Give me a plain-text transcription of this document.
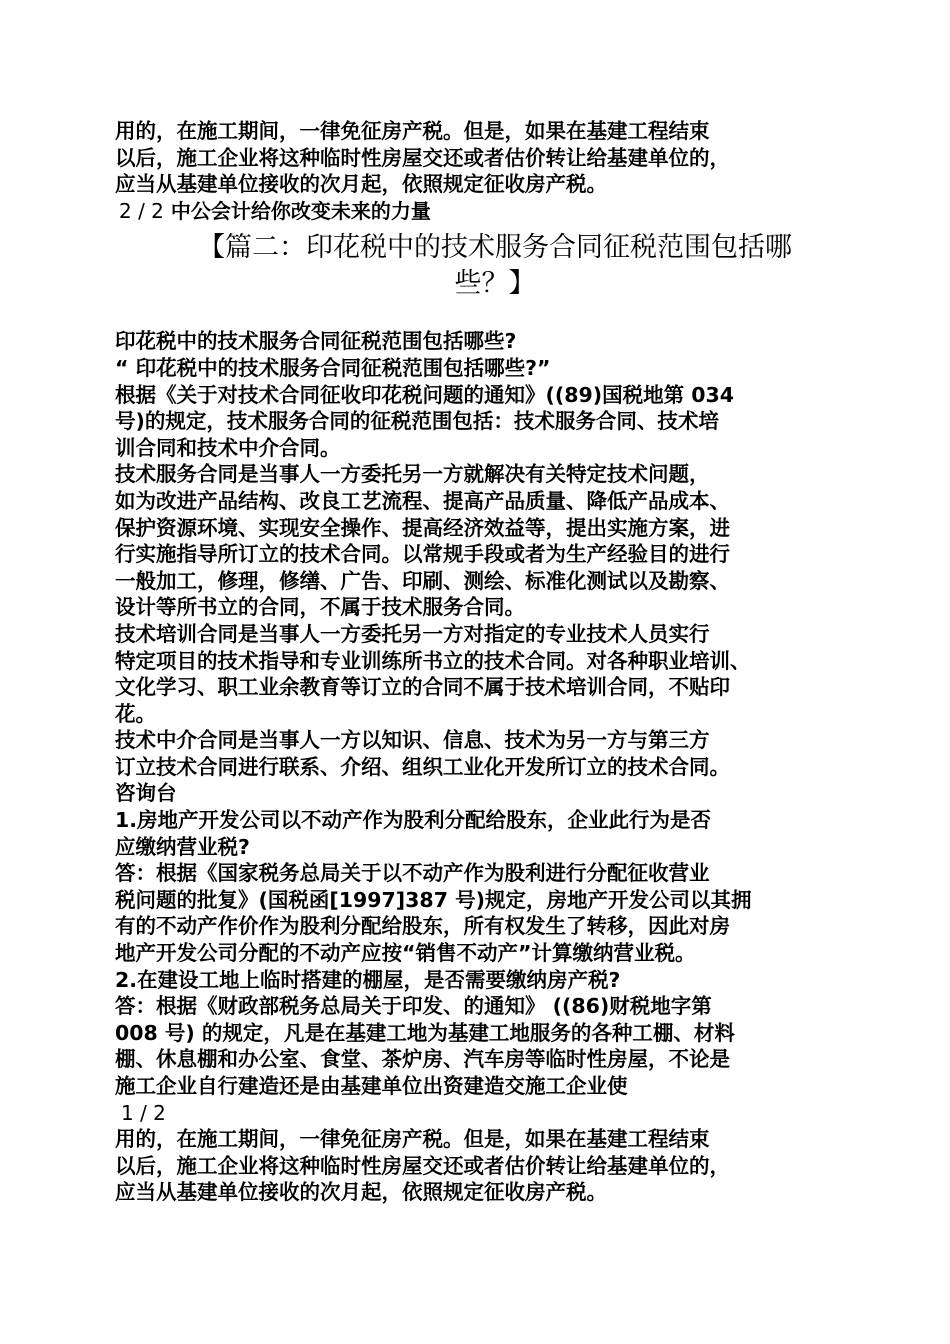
用的，在施工期间，一律免征房产税。但是，如果在基建工程结束

以后，施工企业将这种临时性房屋交还或者估价转让给基建单位的，

应当从基建单位接收的次月起，依照规定征收房产税。

2 / 2 中公会计给你改变未来的力量

【篇二：印花税中的技术服务合同征税范围包括哪
些？】

印花税中的技术服务合同征税范围包括哪些?

“ 印花税中的技术服务合同征税范围包括哪些?”

根据《关于对技术合同征收印花税问题的通知》((89)国税地第 034

号)的规定，技术服务合同的征税范围包括：技术服务合同、技术培

训合同和技术中介合同。

技术服务合同是当事人一方委托另一方就解决有关特定技术问题，

如为改进产品结构、改良工艺流程、提高产品质量、降低产品成本、

保护资源环境、实现安全操作、提高经济效益等，提出实施方案，进

行实施指导所订立的技术合同。以常规手段或者为生产经验目的进行

一般加工，修理，修缮、广告、印刷、测绘、标准化测试以及勘察、

设计等所书立的合同，不属于技术服务合同。

技术培训合同是当事人一方委托另一方对指定的专业技术人员实行

特定项目的技术指导和专业训练所书立的技术合同。对各种职业培训、

文化学习、职工业余教育等订立的合同不属于技术培训合同，不贴印

花。

技术中介合同是当事人一方以知识、信息、技术为另一方与第三方

订立技术合同进行联系、介绍、组织工业化开发所订立的技术合同。

咨询台

1.房地产开发公司以不动产作为股利分配给股东，企业此行为是否

应缴纳营业税?

答：根据《国家税务总局关于以不动产作为股利进行分配征收营业

税问题的批复》(国税函[1997]387 号)规定，房地产开发公司以其拥

有的不动产作价作为股利分配给股东，所有权发生了转移，因此对房

地产开发公司分配的不动产应按“销售不动产”计算缴纳营业税。

2.在建设工地上临时搭建的棚屋，是否需要缴纳房产税?

答：根据《财政部税务总局关于印发、的通知》 ((86)财税地字第

008 号) 的规定，凡是在基建工地为基建工地服务的各种工棚、材料

棚、休息棚和办公室、食堂、茶炉房、汽车房等临时性房屋，不论是

施工企业自行建造还是由基建单位出资建造交施工企业使

1 / 2

用的，在施工期间，一律免征房产税。但是，如果在基建工程结束

以后，施工企业将这种临时性房屋交还或者估价转让给基建单位的，

应当从基建单位接收的次月起，依照规定征收房产税。
